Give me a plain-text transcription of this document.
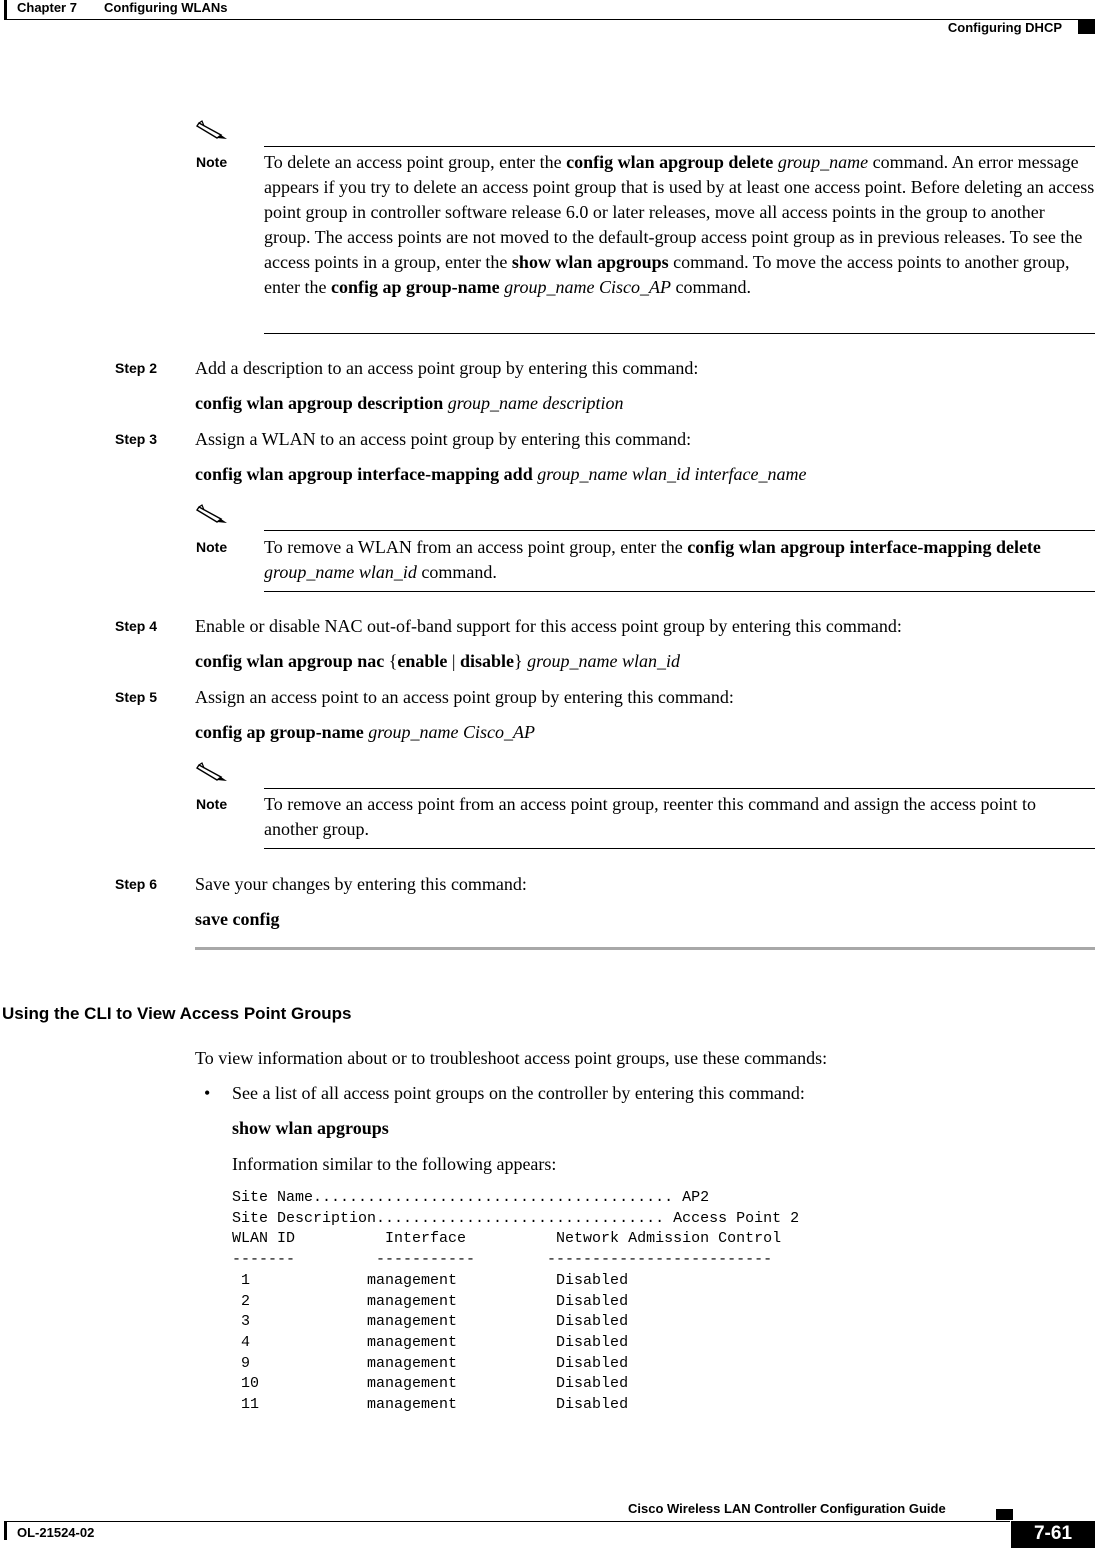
Chapter 7 Configuring WLANs
Configuring DHCP
Note To delete an access point group, enter the config wlan apgroup delete group_name command. An error message appears if you try to delete an access point group that is used by at least one access point. Before deleting an access point group in controller software release 6.0 or later releases, move all access points in the group to another group. The access points are not moved to the default-group access point group as in previous releases. To see the access points in a group, enter the show wlan apgroups command. To move the access points to another group, enter the config ap group-name group_name Cisco_AP command.
Step 2 Add a description to an access point group by entering this command:
config wlan apgroup description group_name description
Step 3 Assign a WLAN to an access point group by entering this command:
config wlan apgroup interface-mapping add group_name wlan_id interface_name
Note To remove a WLAN from an access point group, enter the config wlan apgroup interface-mapping delete group_name wlan_id command.
Step 4 Enable or disable NAC out-of-band support for this access point group by entering this command:
config wlan apgroup nac {enable | disable} group_name wlan_id
Step 5 Assign an access point to an access point group by entering this command:
config ap group-name group_name Cisco_AP
Note To remove an access point from an access point group, reenter this command and assign the access point to another group.
Step 6 Save your changes by entering this command:
save config
Using the CLI to View Access Point Groups
To view information about or to troubleshoot access point groups, use these commands:
• See a list of all access point groups on the controller by entering this command:
show wlan apgroups
Information similar to the following appears:
Site Name........................................ AP2
Site Description................................ Access Point 2
WLAN ID          Interface          Network Admission Control
-------         -----------        -------------------------
1             management           Disabled
2             management           Disabled
3             management           Disabled
4             management           Disabled
9             management           Disabled
10            management           Disabled
11            management           Disabled
Cisco Wireless LAN Controller Configuration Guide
OL-21524-02	7-61
